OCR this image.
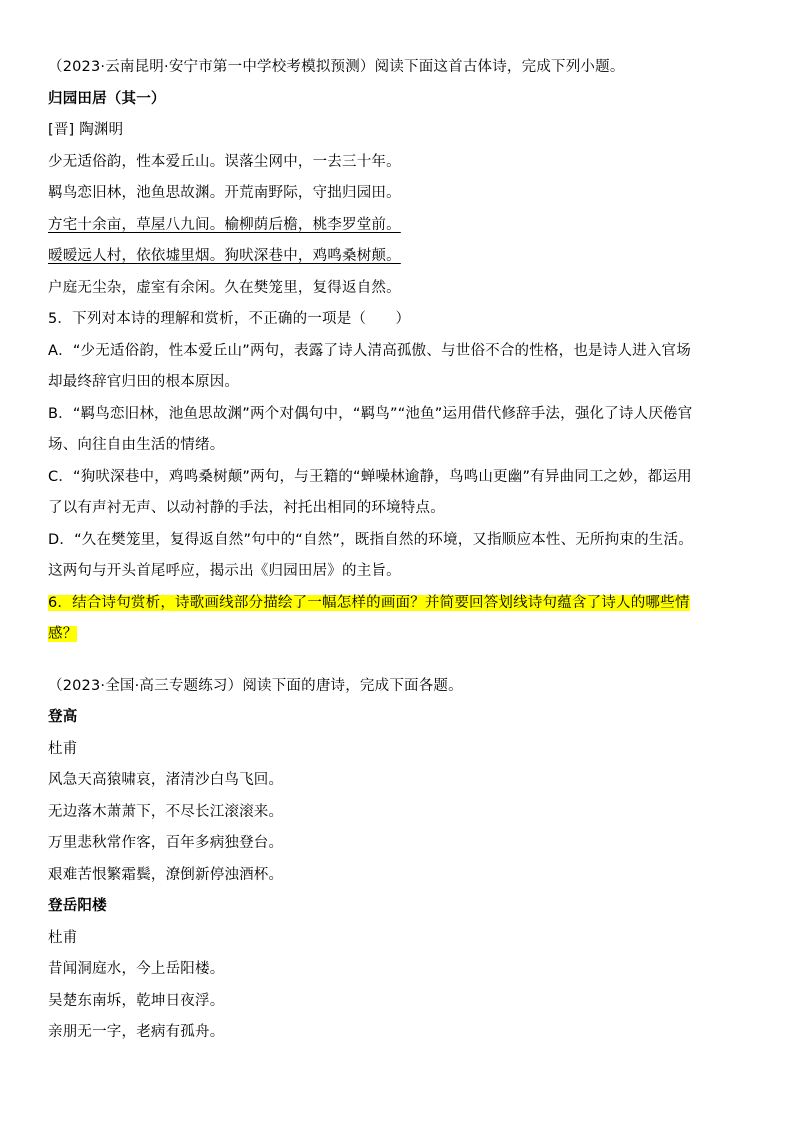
（2023·云南昆明·安宁市第一中学校考模拟预测）阅读下面这首古体诗，完成下列小题。
归园田居（其一）
[晋] 陶渊明
少无适俗韵，性本爱丘山。误落尘网中，一去三十年。
羁鸟恋旧林，池鱼思故渊。开荒南野际，守拙归园田。
方宅十余亩，草屋八九间。榆柳荫后檐，桃李罗堂前。
暧暧远人村，依依墟里烟。狗吠深巷中，鸡鸣桑树颠。
户庭无尘杂，虚室有余闲。久在樊笼里，复得返自然。
5．下列对本诗的理解和赏析，不正确的一项是（　　）
A．“少无适俗韵，性本爱丘山”两句，表露了诗人清高孤傲、与世俗不合的性格，也是诗人进入官场
却最终辞官归田的根本原因。
B．“羁鸟恋旧林，池鱼思故渊”两个对偶句中，“羁鸟”“池鱼”运用借代修辞手法，强化了诗人厌倦官
场、向往自由生活的情绪。
C．“狗吠深巷中，鸡鸣桑树颠”两句，与王籍的“蝉噪林逾静，鸟鸣山更幽”有异曲同工之妙，都运用
了以有声衬无声、以动衬静的手法，衬托出相同的环境特点。
D．“久在樊笼里，复得返自然”句中的“自然”，既指自然的环境，又指顺应本性、无所拘束的生活。
这两句与开头首尾呼应，揭示出《归园田居》的主旨。
6．结合诗句赏析，诗歌画线部分描绘了一幅怎样的画面？并简要回答划线诗句蕴含了诗人的哪些情
感？
（2023·全国·高三专题练习）阅读下面的唐诗，完成下面各题。
登高
杜甫
风急天高猿啸哀，渚清沙白鸟飞回。
无边落木萧萧下，不尽长江滚滚来。
万里悲秋常作客，百年多病独登台。
艰难苦恨繁霜鬓，潦倒新停浊酒杯。
登岳阳楼
杜甫
昔闻洞庭水，今上岳阳楼。
吴楚东南坼，乾坤日夜浮。
亲朋无一字，老病有孤舟。
